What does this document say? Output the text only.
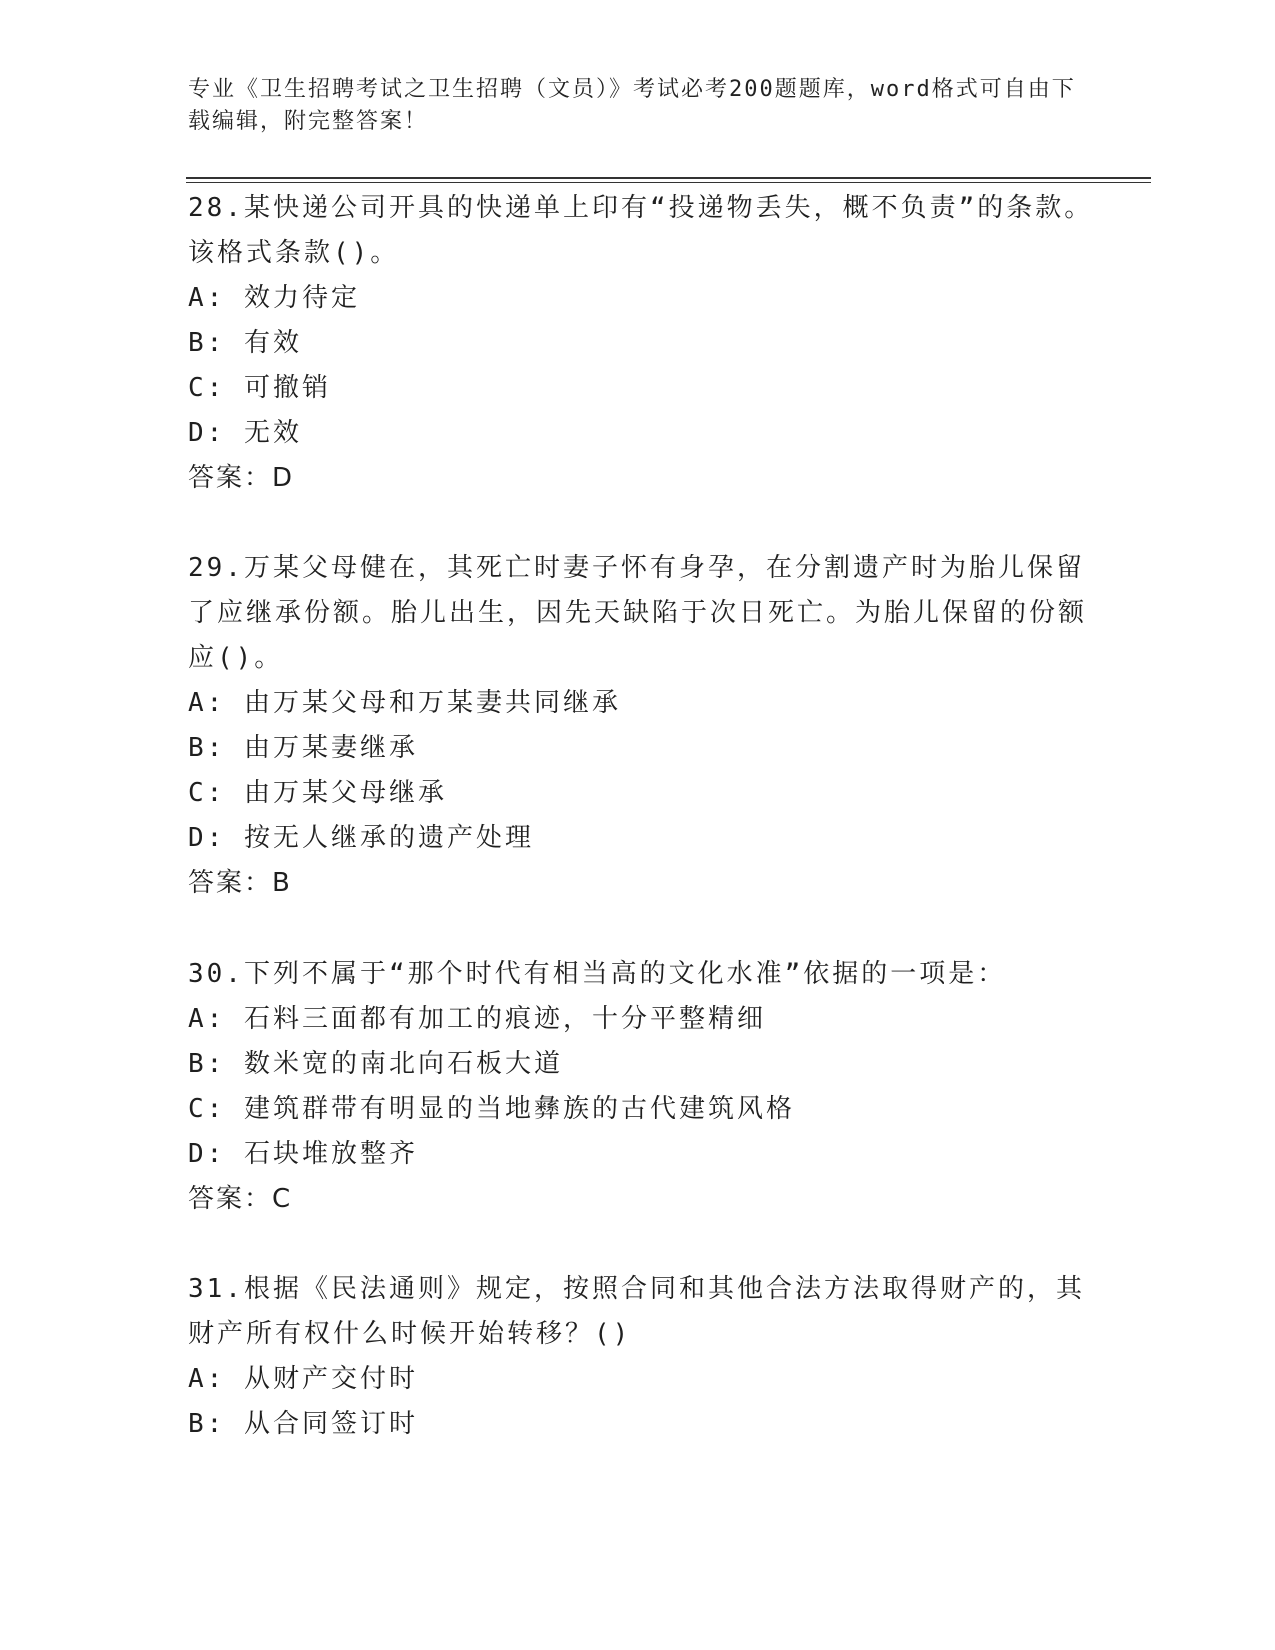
专业《卫生招聘考试之卫生招聘（文员）》考试必考200题题库，word格式可自由下载编辑，附完整答案！

28.某快递公司开具的快递单上印有“投递物丢失，概不负责”的条款。该格式条款()。

A: 效力待定

B: 有效

C: 可撤销

D: 无效

答案：D

29.万某父母健在，其死亡时妻子怀有身孕，在分割遗产时为胎儿保留了应继承份额。胎儿出生，因先天缺陷于次日死亡。为胎儿保留的份额应()。

A: 由万某父母和万某妻共同继承

B: 由万某妻继承

C: 由万某父母继承

D: 按无人继承的遗产处理

答案：B

30.下列不属于“那个时代有相当高的文化水准”依据的一项是：

A: 石料三面都有加工的痕迹，十分平整精细

B: 数米宽的南北向石板大道

C: 建筑群带有明显的当地彝族的古代建筑风格

D: 石块堆放整齐

答案：C

31.根据《民法通则》规定，按照合同和其他合法方法取得财产的，其财产所有权什么时候开始转移？()

A: 从财产交付时

B: 从合同签订时
